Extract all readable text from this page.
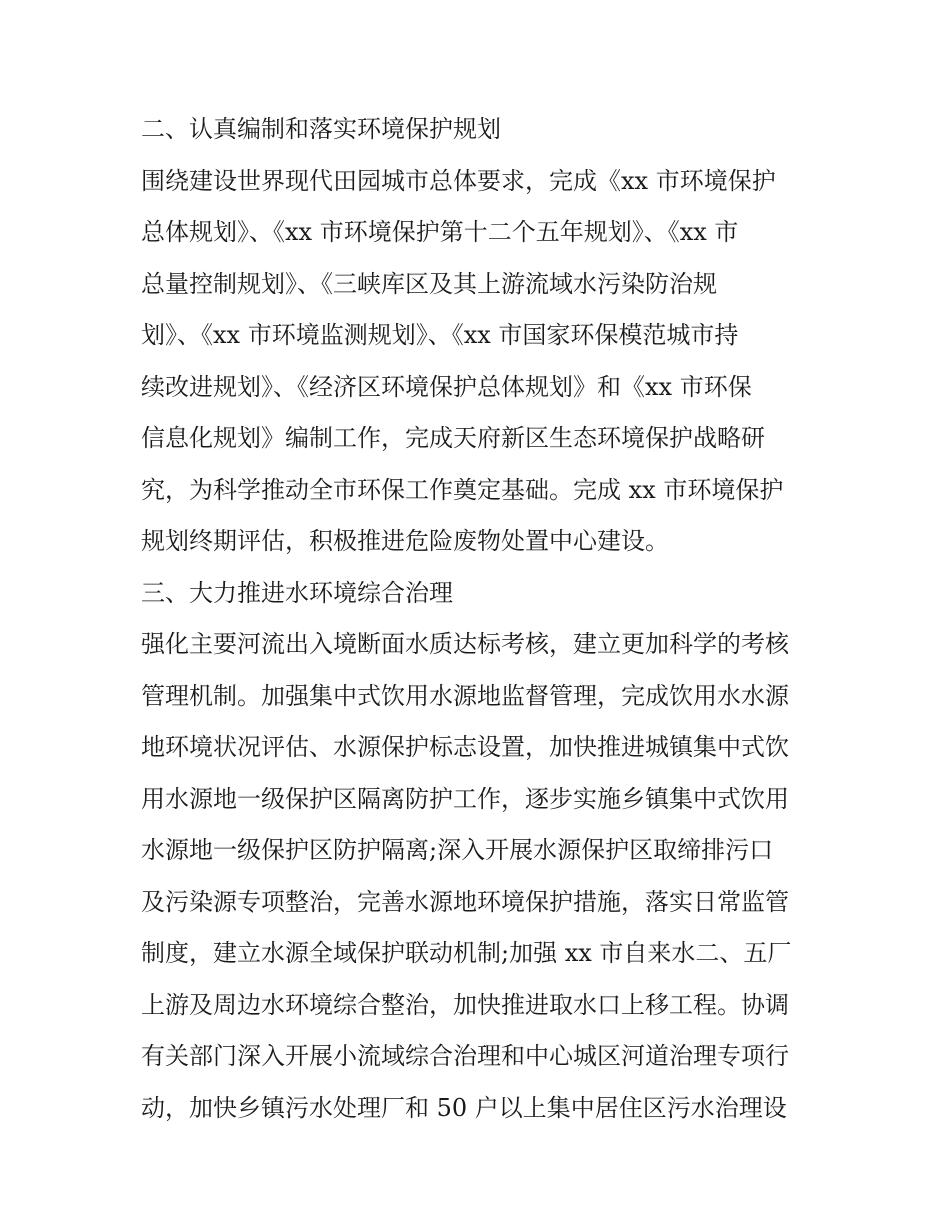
二、认真编制和落实环境保护规划
围绕建设世界现代田园城市总体要求，完成《xx 市环境保护
总体规划》、《xx 市环境保护第十二个五年规划》、《xx 市
总量控制规划》、《三峡库区及其上游流域水污染防治规
划》、《xx 市环境监测规划》、《xx 市国家环保模范城市持
续改进规划》、《经济区环境保护总体规划》和《xx 市环保
信息化规划》编制工作，完成天府新区生态环境保护战略研
究，为科学推动全市环保工作奠定基础。完成 xx 市环境保护
规划终期评估，积极推进危险废物处置中心建设。
三、大力推进水环境综合治理
强化主要河流出入境断面水质达标考核，建立更加科学的考核
管理机制。加强集中式饮用水源地监督管理，完成饮用水水源
地环境状况评估、水源保护标志设置，加快推进城镇集中式饮
用水源地一级保护区隔离防护工作，逐步实施乡镇集中式饮用
水源地一级保护区防护隔离;深入开展水源保护区取缔排污口
及污染源专项整治，完善水源地环境保护措施，落实日常监管
制度，建立水源全域保护联动机制;加强 xx 市自来水二、五厂
上游及周边水环境综合整治，加快推进取水口上移工程。协调
有关部门深入开展小流域综合治理和中心城区河道治理专项行
动，加快乡镇污水处理厂和 50 户以上集中居住区污水治理设
